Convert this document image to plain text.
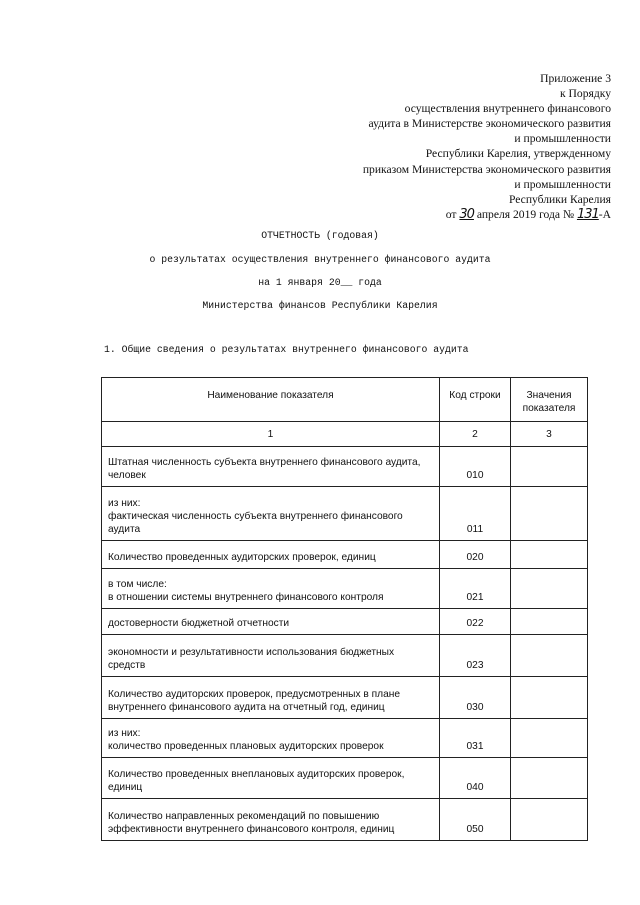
Приложение 3
к Порядку
осуществления внутреннего финансового
аудита в Министерстве экономического развития
и промышленности
Республики Карелия, утвержденному
приказом Министерства экономического развития
и промышленности
Республики Карелия
от 30 апреля 2019 года № 131-А
ОТЧЕТНОСТЬ (годовая)
о результатах осуществления внутреннего финансового аудита
на 1 января 20__ года
Министерства финансов Республики Карелия
1. Общие сведения о результатах внутреннего финансового аудита
Наименование показателя	Код строки	Значения показателя
1	2	3

Штатная численность субъекта внутреннего финансового аудита,
человек	010	

из них:
фактическая численность субъекта внутреннего финансового
аудита	011	

Количество проведенных аудиторских проверок, единиц	020	

в том числе:
в отношении системы внутреннего финансового контроля	021	

достоверности бюджетной отчетности	022	

экономности и результативности использования бюджетных
средств	023	

Количество аудиторских проверок, предусмотренных в плане
внутреннего финансового аудита на отчетный год, единиц	030	

из них:
количество проведенных плановых аудиторских проверок	031	

Количество проведенных внеплановых аудиторских проверок,
единиц	040	

Количество направленных рекомендаций по повышению
эффективности внутреннего финансового контроля, единиц	050	
